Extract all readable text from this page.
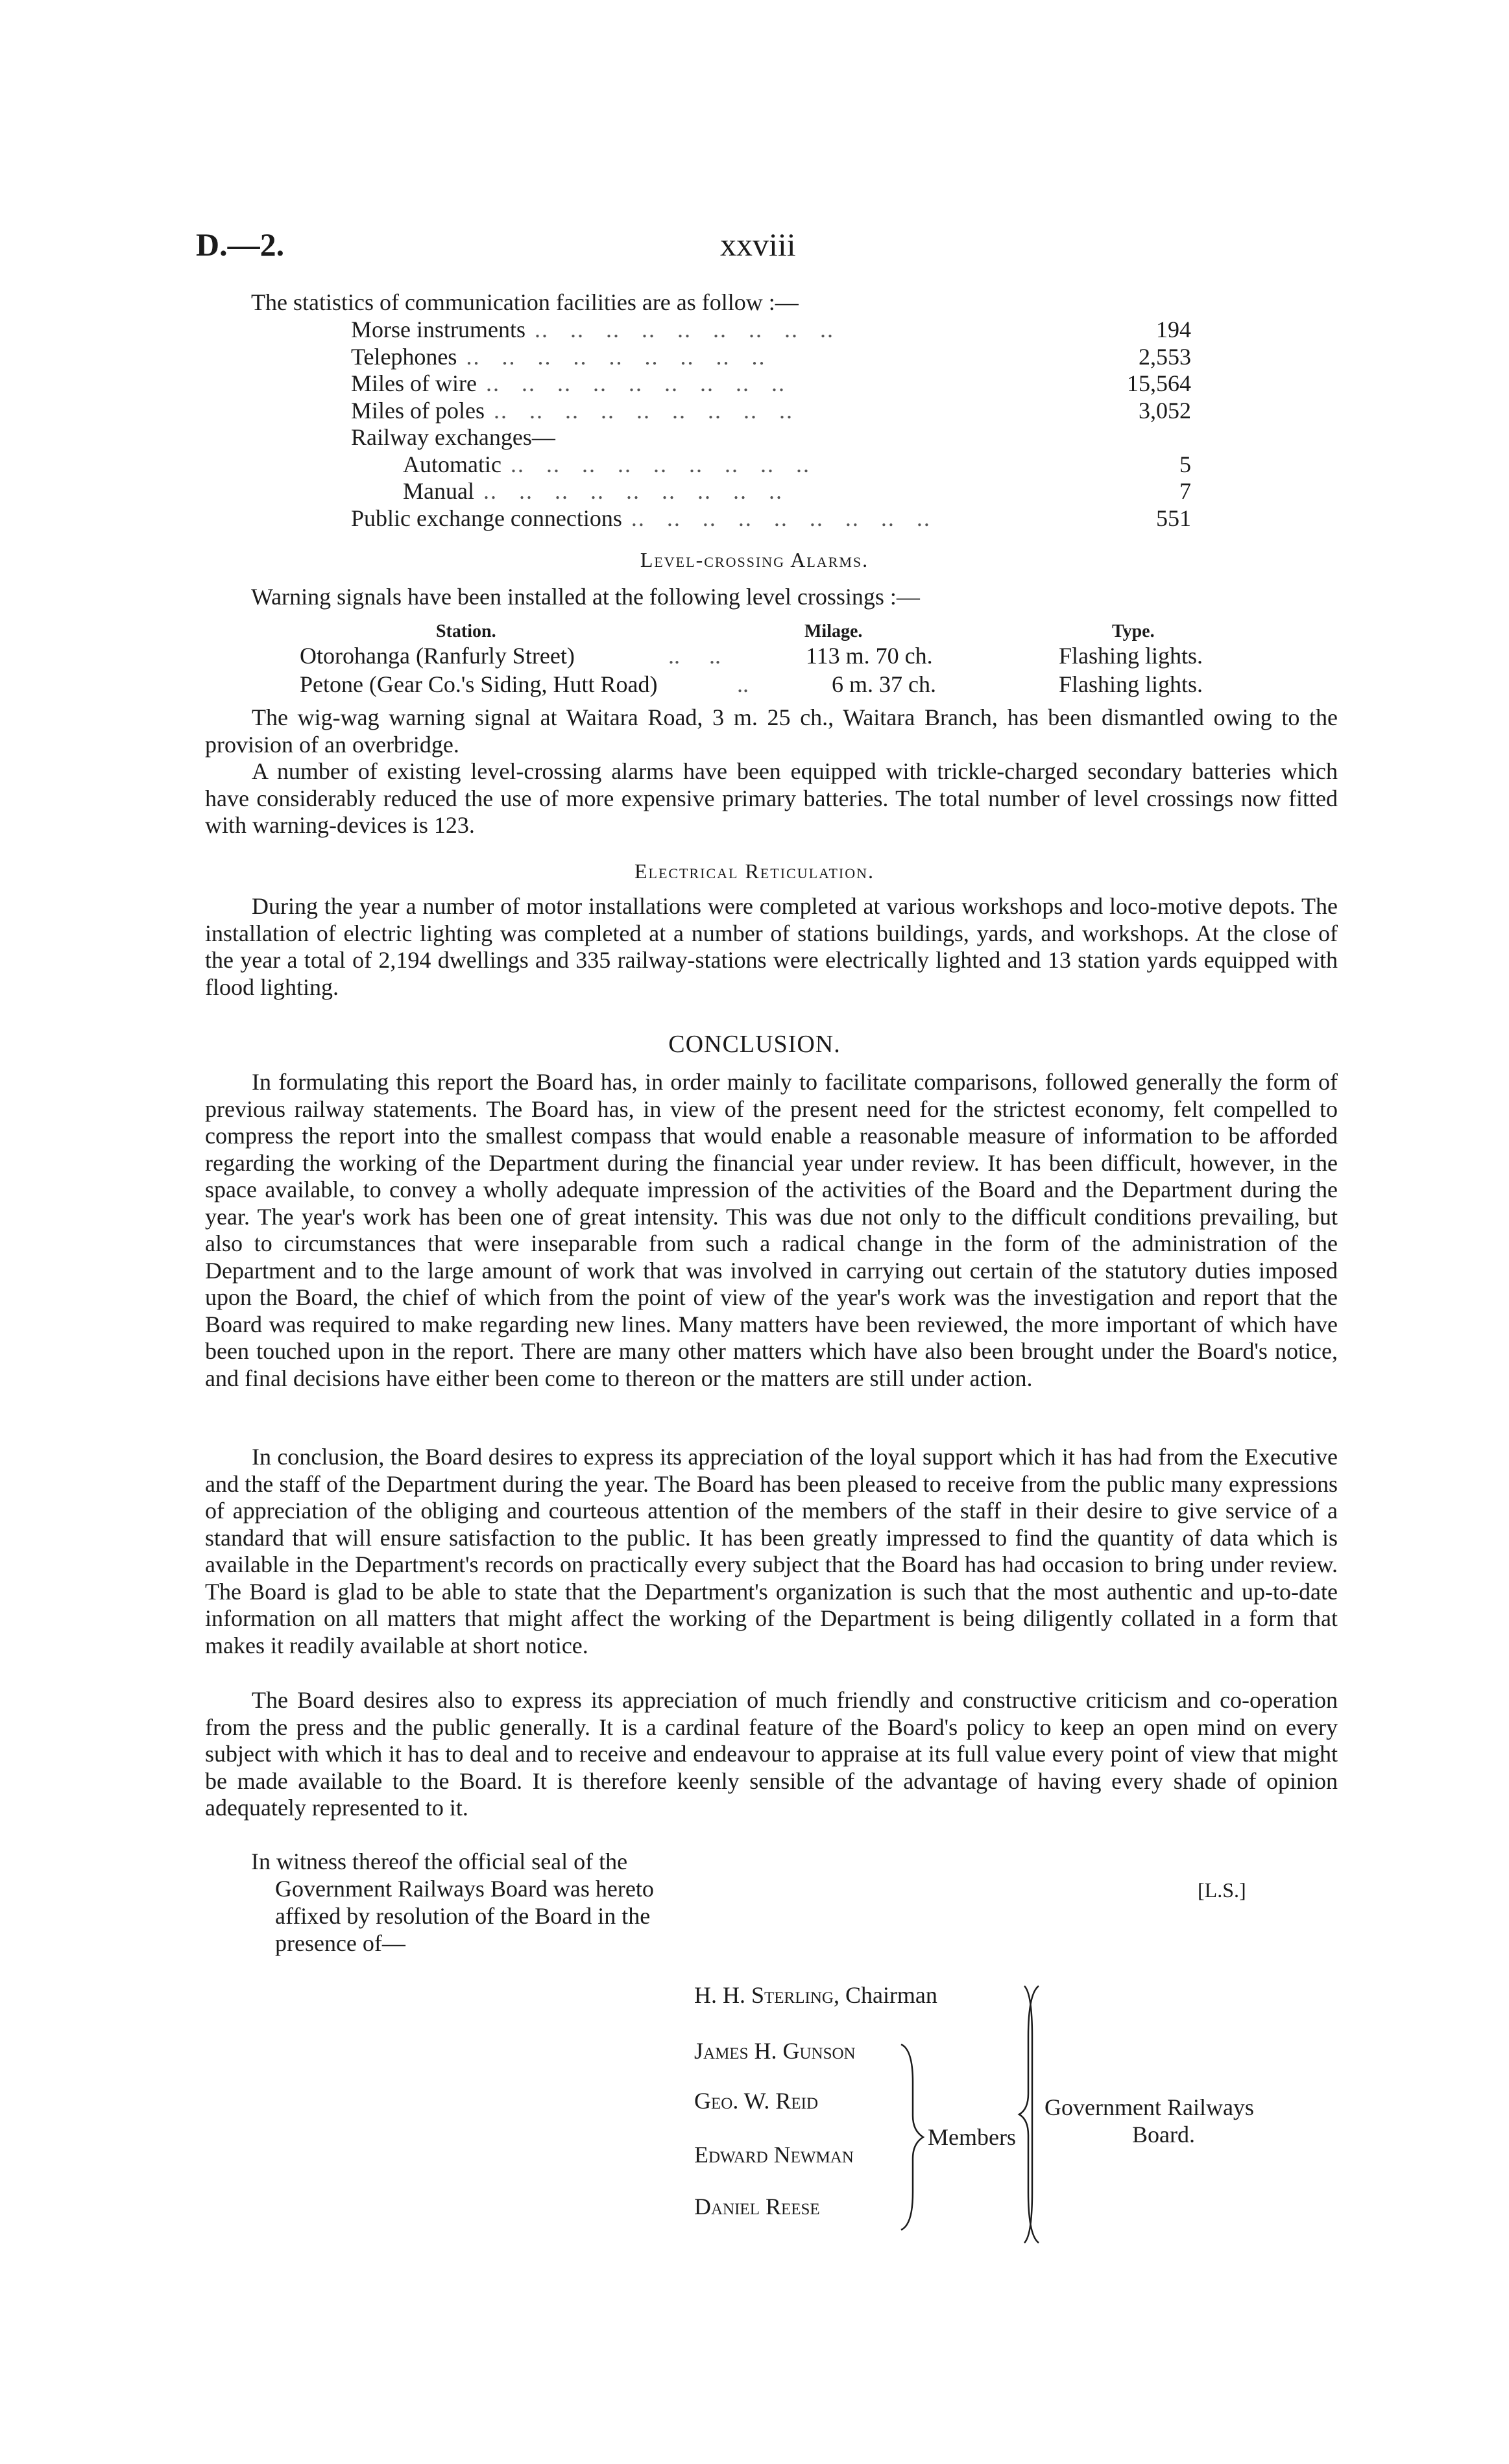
D.—2.	xxviii
The statistics of communication facilities are as follow :—
Morse instruments ..   ..   ..   ..   ..   ..   ..   ..   ..	194
Telephones ..   ..   ..   ..   ..   ..   ..   ..   ..	2,553
Miles of wire ..   ..   ..   ..   ..   ..   ..   ..   ..	15,564
Miles of poles ..   ..   ..   ..   ..   ..   ..   ..   ..	3,052
Railway exchanges—
Automatic ..   ..   ..   ..   ..   ..   ..   ..   ..	5
Manual ..   ..   ..   ..   ..   ..   ..   ..   ..	7
Public exchange connections ..   ..   ..   ..   ..   ..   ..   ..   ..	551
Level-crossing Alarms.
Warning signals have been installed at the following level crossings :—
Station.	Milage.	Type.
Otorohanga (Ranfurly Street)	..     ..	113 m. 70 ch.	Flashing lights.
Petone (Gear Co.'s Siding, Hutt Road)	..	6 m. 37 ch.	Flashing lights.
The wig-wag warning signal at Waitara Road, 3 m. 25 ch., Waitara Branch, has been dismantled owing to the provision of an overbridge.
A number of existing level-crossing alarms have been equipped with trickle-charged secondary batteries which have considerably reduced the use of more expensive primary batteries. The total number of level crossings now fitted with warning-devices is 123.
Electrical Reticulation.
During the year a number of motor installations were completed at various workshops and loco-motive depots. The installation of electric lighting was completed at a number of stations buildings, yards, and workshops. At the close of the year a total of 2,194 dwellings and 335 railway-stations were electrically lighted and 13 station yards equipped with flood lighting.
CONCLUSION.
In formulating this report the Board has, in order mainly to facilitate comparisons, followed generally the form of previous railway statements. The Board has, in view of the present need for the strictest economy, felt compelled to compress the report into the smallest compass that would enable a reasonable measure of information to be afforded regarding the working of the Department during the financial year under review. It has been difficult, however, in the space available, to convey a wholly adequate impression of the activities of the Board and the Department during the year. The year's work has been one of great intensity. This was due not only to the difficult conditions prevailing, but also to circumstances that were inseparable from such a radical change in the form of the administration of the Department and to the large amount of work that was involved in carrying out certain of the statutory duties imposed upon the Board, the chief of which from the point of view of the year's work was the investigation and report that the Board was required to make regarding new lines. Many matters have been reviewed, the more important of which have been touched upon in the report. There are many other matters which have also been brought under the Board's notice, and final decisions have either been come to thereon or the matters are still under action.
In conclusion, the Board desires to express its appreciation of the loyal support which it has had from the Executive and the staff of the Department during the year. The Board has been pleased to receive from the public many expressions of appreciation of the obliging and courteous attention of the members of the staff in their desire to give service of a standard that will ensure satisfaction to the public. It has been greatly impressed to find the quantity of data which is available in the Department's records on practically every subject that the Board has had occasion to bring under review. The Board is glad to be able to state that the Department's organization is such that the most authentic and up-to-date information on all matters that might affect the working of the Department is being diligently collated in a form that makes it readily available at short notice.
The Board desires also to express its appreciation of much friendly and constructive criticism and co-operation from the press and the public generally. It is a cardinal feature of the Board's policy to keep an open mind on every subject with which it has to deal and to receive and endeavour to appraise at its full value every point of view that might be made available to the Board. It is therefore keenly sensible of the advantage of having every shade of opinion adequately represented to it.
In witness thereof the official seal of the
Government Railways Board was hereto
affixed by resolution of the Board in the
presence of—
[L.S.]
H. H. Sterling, Chairman
James H. Gunson
Geo. W. Reid
Edward Newman
Daniel Reese
Members
Government Railways
Board.
